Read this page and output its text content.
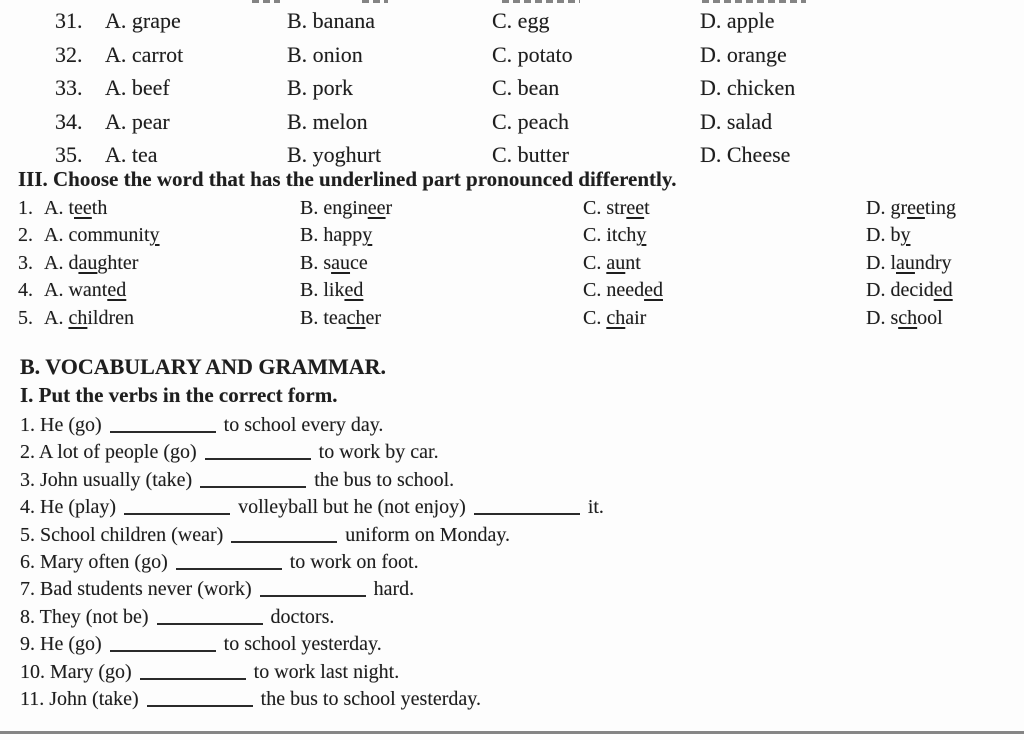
31. A. grape	B. banana	C. egg	D. apple
32. A. carrot	B. onion	C. potato	D. orange
33. A. beef	B. pork	C. bean	D. chicken
34. A. pear	B. melon	C. peach	D. salad
35. A. tea	B. yoghurt	C. butter	D. Cheese
III. Choose the word that has the underlined part pronounced differently.
1. A. teeth	B. engineer	C. street	D. greeting
2. A. community	B. happy	C. itchy	D. by
3. A. daughter	B. sauce	C. aunt	D. laundry
4. A. wanted	B. liked	C. needed	D. decided
5. A. children	B. teacher	C. chair	D. school
B. VOCABULARY AND GRAMMAR.
I. Put the verbs in the correct form.
1. He (go)	to school every day.
2. A lot of people (go)	to work by car.
3. John usually (take)	the bus to school.
4. He (play)	volleyball but he (not enjoy)	it.
5. School children (wear)	uniform on Monday.
6. Mary often (go)	to work on foot.
7. Bad students never (work)	hard.
8. They (not be)	doctors.
9. He (go)	to school yesterday.
10. Mary (go)	to work last night.
11. John (take)	the bus to school yesterday.
